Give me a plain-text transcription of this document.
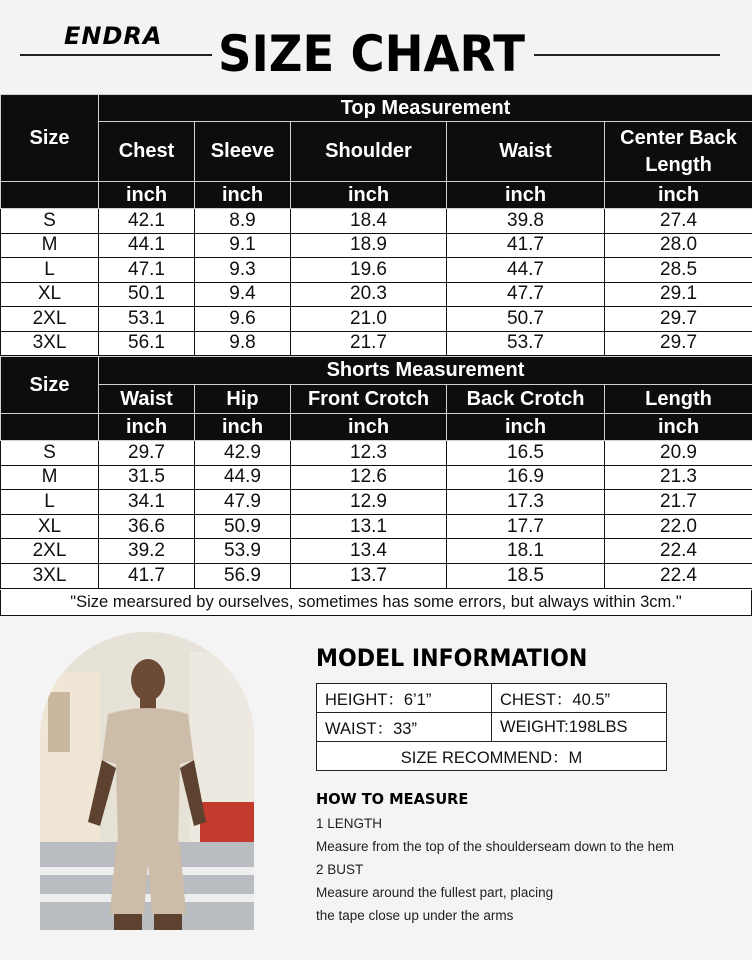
ENDRA SIZE CHART
Size	Top Measurement				
	Chest	Sleeve	Shoulder	Waist	Center Back Length
	inch	inch	inch	inch	inch
S	42.1	8.9	18.4	39.8	27.4
M	44.1	9.1	18.9	41.7	28.0
L	47.1	9.3	19.6	44.7	28.5
XL	50.1	9.4	20.3	47.7	29.1
2XL	53.1	9.6	21.0	50.7	29.7
3XL	56.1	9.8	21.7	53.7	29.7
Size	Shorts Measurement				
	Waist	Hip	Front Crotch	Back Crotch	Length
	inch	inch	inch	inch	inch
S	29.7	42.9	12.3	16.5	20.9
M	31.5	44.9	12.6	16.9	21.3
L	34.1	47.9	12.9	17.3	21.7
XL	36.6	50.9	13.1	17.7	22.0
2XL	39.2	53.9	13.4	18.1	22.4
3XL	41.7	56.9	13.7	18.5	22.4
"Size mearsured by ourselves, sometimes has some errors, but always within 3cm."
MODEL INFORMATION
HEIGHT：6’1”	CHEST：40.5”
WAIST：33”	WEIGHT:198LBS
SIZE RECOMMEND：M	
HOW TO MEASURE
1 LENGTH
Measure from the top of the shoulderseam down to the hem
2 BUST
Measure around the fullest part, placing
the tape close up under the arms
